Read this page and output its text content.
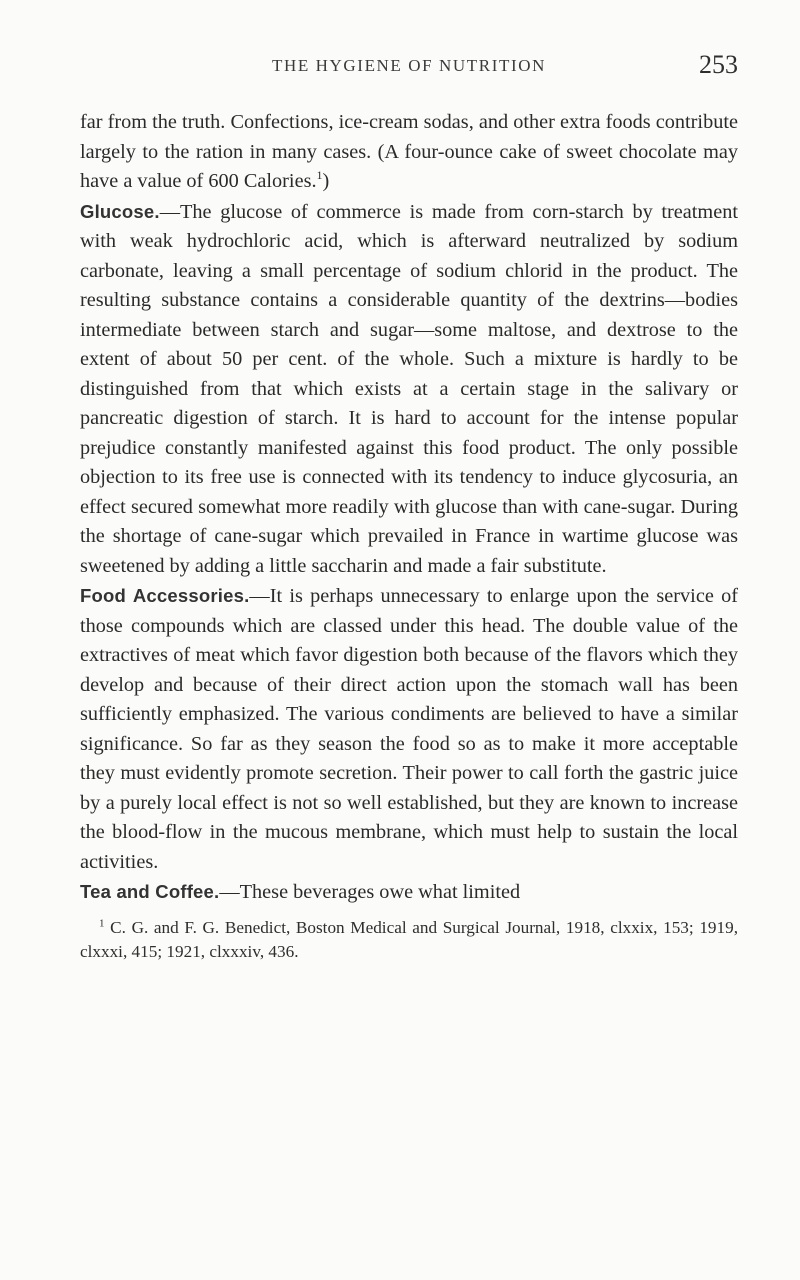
THE HYGIENE OF NUTRITION	253

far from the truth. Confections, ice-cream sodas, and other extra foods contribute largely to the ration in many cases. (A four-ounce cake of sweet chocolate may have a value of 600 Calories.$^1$)

Glucose.—The glucose of commerce is made from corn-starch by treatment with weak hydrochloric acid, which is afterward neutralized by sodium carbonate, leaving a small percentage of sodium chlorid in the product. The resulting substance contains a considerable quantity of the dextrins—bodies intermediate between starch and sugar—some maltose, and dextrose to the extent of about 50 per cent. of the whole. Such a mixture is hardly to be distinguished from that which exists at a certain stage in the salivary or pancreatic digestion of starch. It is hard to account for the intense popular prejudice constantly manifested against this food product. The only possible objection to its free use is connected with its tendency to induce glycosuria, an effect secured somewhat more readily with glucose than with cane-sugar. During the shortage of cane-sugar which prevailed in France in wartime glucose was sweetened by adding a little saccharin and made a fair substitute.

Food Accessories.—It is perhaps unnecessary to enlarge upon the service of those compounds which are classed under this head. The double value of the extractives of meat which favor digestion both because of the flavors which they develop and because of their direct action upon the stomach wall has been sufficiently emphasized. The various condiments are believed to have a similar significance. So far as they season the food so as to make it more acceptable they must evidently promote secretion. Their power to call forth the gastric juice by a purely local effect is not so well established, but they are known to increase the blood-flow in the mucous membrane, which must help to sustain the local activities.

Tea and Coffee.—These beverages owe what limited

$^1$ C. G. and F. G. Benedict, Boston Medical and Surgical Journal, 1918, clxxix, 153; 1919, clxxxi, 415; 1921, clxxxiv, 436.
